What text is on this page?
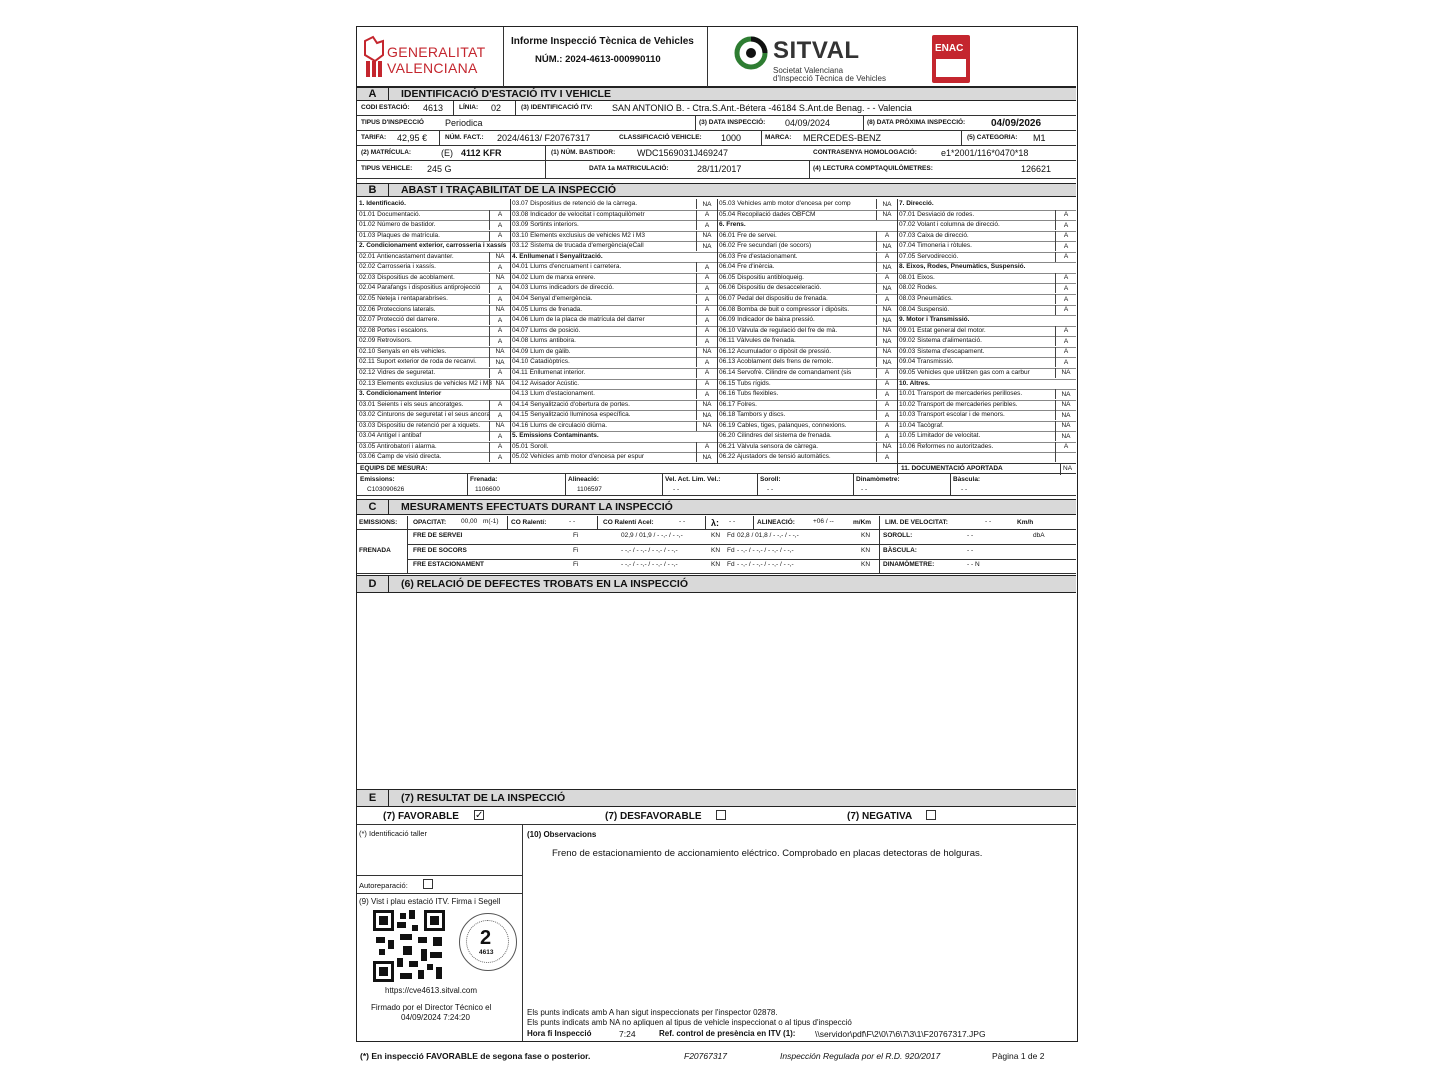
GENERALITAT
VALENCIANA
Informe Inspecció Tècnica de Vehicles
NÚM.: 2024-4613-000990110	SITVAL
Societat Valenciana
d'Inspecció Tècnica de Vehicles
ENAC
A	IDENTIFICACIÓ D'ESTACIÓ ITV I VEHICLE
CODI ESTACIÓ: 4613 LÍNIA: 02	(3) IDENTIFICACIÓ ITV: SAN ANTONIO B. - Ctra.S.Ant.-Bétera -46184 S.Ant.de Benag. - - Valencia
TIPUS D'INSPECCIÓ Periodica	(3) DATA INSPECCIÓ: 04/09/2024	(8) DATA PRÒXIMA INSPECCIÓ:	04/09/2026
TARIFA: 42,95 €	NÚM. FACT.: 2024/4613/ F20767317	CLASSIFICACIÓ VEHICLE: 1000	MARCA: MERCEDES-BENZ	(5) CATEGORIA: M1
(2) MATRÍCULA:	(E) 4112 KFR	(1) NÚM. BASTIDOR: WDC1569031J469247	CONTRASENYA HOMOLOGACIÓ:	e1*2001/116*0470*18
TIPUS VEHICLE: 245 G	DATA 1a MATRICULACIÓ:	28/11/2017	(4) LECTURA COMPTAQUILÒMETRES:	126621
B	ABAST I TRAÇABILITAT DE LA INSPECCIÓ
1. Identificació.
01.01 Documentació.	A
01.02 Número de bastidor.	A
01.03 Plaques de matrícula.	A
2. Condicionament exterior, carrosseria i xassís
02.01 Antiencastament davanter.	NA
02.02 Carrosseria i xassís.	A
02.03 Dispositius de acoblament.	NA
02.04 Parafangs i dispositius antiprojecció	A
02.05 Neteja i rentaparabrises.	A
02.06 Proteccions laterals.	NA
02.07 Protecció del darrere.	A
02.08 Portes i escalons.	A
02.09 Retrovisors.	A
02.10 Senyals en els vehicles.	NA
02.11 Suport exterior de roda de recanvi.	NA
02.12 Vidres de seguretat.	A
02.13 Elements exclusius de vehicles M2 i M3 NA
3. Condicionament Interior
03.01 Seients i els seus ancoratges.	A
03.02 Cinturons de seguretat i el seus ancora	A
03.03 Dispositiu de retenció per a xiquets.	NA
03.04 Antigel i antibaf	A
03.05 Antirobatori i alarma.	A
03.06 Camp de visió directa.	A
03.07 Dispositius de retenció de la càrrega.	NA
03.08 Indicador de velocitat i comptaquilòmetr	A
03.09 Sortints interiors.	A
03.10 Elements exclusius de vehicles M2 i M3	NA
03.12 Sistema de trucada d'emergència(eCall	NA
4. Enllumenat i Senyalització.
04.01 Llums d'encruament i carretera.	A
04.02 Llum de marxa enrere.	A
04.03 Llums indicadors de direcció.	A
04.04 Senyal d'emergència.	A
04.05 Llums de frenada.	A
04.06 Llum de la placa de matrícula del darrer	A
04.07 Llums de posició.	A
04.08 Llums antiboira.	A
04.09 Llum de gàlib.	NA
04.10 Catadiòptrics.	A
04.11 Enllumenat interior.	A
04.12 Avisador Acústic.	A
04.13 Llum d'estacionament.	A
04.14 Senyalització d'obertura de portes.	NA
04.15 Senyalització lluminosa específica.	NA
04.16 Llums de circulació diürna.	NA
5. Emissions Contaminants.
05.01 Soroll.	A
05.02 Vehicles amb motor d'encesa per espur	NA
05.03 Vehicles amb motor d'encesa per comp	NA
05.04 Recopilació dades OBFCM	NA
6. Frens.
06.01 Fre de servei.	A
06.02 Fre secundari (de socors)	NA
06.03 Fre d'estacionament.	A
06.04 Fre d'inèrcia.	NA
06.05 Dispositiu antibloqueig.	A
06.06 Dispositiu de desacceleració.	NA
06.07 Pedal del dispositiu de frenada.	A
06.08 Bomba de buit o compressor i dipòsits.	NA
06.09 Indicador de baixa pressió.	NA
06.10 Vàlvula de regulació del fre de mà.	NA
06.11 Vàlvules de frenada.	NA
06.12 Acumulador o dipòsit de pressió.	NA
06.13 Acoblament dels frens de remolc.	NA
06.14 Servofrè. Cilindre de comandament (sis	A
06.15 Tubs rígids.	A
06.16 Tubs flexibles.	A
06.17 Folres.	A
06.18 Tambors y discs.	A
06.19 Cables, tiges, palanques, connexions.	A
06.20 Cilindres del sistema de frenada.	A
06.21 Vàlvula sensora de càrrega.	NA
06.22 Ajustadors de tensió automàtics.	A
7. Direcció.
07.01 Desviació de rodes.	A
07.02 Volant i columna de direcció.	A
07.03 Caixa de direcció.	A
07.04 Timoneria i ròtules.	A
07.05 Servodirecció.	A
8. Eixos, Rodes, Pneumàtics, Suspensió.
08.01 Eixos.	A
08.02 Rodes.	A
08.03 Pneumàtics.	A
08.04 Suspensió.	A
9. Motor i Transmissió.
09.01 Estat general del motor.	A
09.02 Sistema d'alimentació.	A
09.03 Sistema d'escapament.	A
09.04 Transmissió.	A
09.05 Vehicles que utilitzen gas com a carbur	NA
10. Altres.
10.01 Transport de mercaderies perilloses.	NA
10.02 Transport de mercaderies peribles.	NA
10.03 Transport escolar i de menors.	NA
10.04 Tacògraf.	NA
10.05 Limitador de velocitat.	NA
10.06 Reformes no autoritzades.	A
EQUIPS DE MESURA:	11. DOCUMENTACIÓ APORTADA	NA
Emissions:
C103090626
Frenada:
1106600
Alineació:
1106597
Vel. Act. Lim. Vel.:
- -
Soroll:
- -
Dinamòmetre:
- -
Bàscula:
- -
C	MESURAMENTS EFECTUATS DURANT LA INSPECCIÓ
EMISSIONS: OPACITAT: 00,00 m(-1) CO Ralentí:	- -	CO Ralentí Acel:	- -	λ: - -	ALINEACIÓ:	+06 / --	m/Km LIM. DE VELOCITAT:	- -	Km/h
FRENADA
FRE DE SERVEI	Fi	02,9 / 01,9 / - -,- / - -,-	KN Fd 02,8 / 01,8 / - -,- / - -,-	KN SOROLL:	- -	dbA
FRE DE SOCORS	Fi	- -,- / - -,- / - -,- / - -,-	KN Fd - -,- / - -,- / - -,- / - -,-	KN BÀSCULA:	- -
FRE ESTACIONAMENT	Fi	- -,- / - -,- / - -,- / - -,-	KN Fd - -,- / - -,- / - -,- / - -,-	KN DINAMÒMETRE:	- - N
D	(6) RELACIÓ DE DEFECTES TROBATS EN LA INSPECCIÓ
E	(7) RESULTAT DE LA INSPECCIÓ
(7) FAVORABLE ✓	(7) DESFAVORABLE	(7) NEGATIVA
(*) Identificació taller
Autoreparació:
(9) Vist i plau estació ITV. Firma i Segell
2
4613
https://cve4613.sitval.com
Firmado por el Director Técnico el
04/09/2024 7:24:20
(10) Observacions
Freno de estacionamiento de accionamiento eléctrico. Comprobado en placas detectoras de holguras.
Els punts indicats amb A han sigut inspeccionats per l'inspector 02878.
Els punts indicats amb NA no apliquen al tipus de vehicle inspeccionat o al tipus d'inspecció
Hora fi Inspecció	7:24	Ref. control de presència en ITV (1): \\servidor\pdf\F\2\0\7\6\7\3\1\F20767317.JPG
(*) En inspecció FAVORABLE de segona fase o posterior.	F20767317	Inspección Regulada por el R.D. 920/2017	Pàgina 1 de 2
